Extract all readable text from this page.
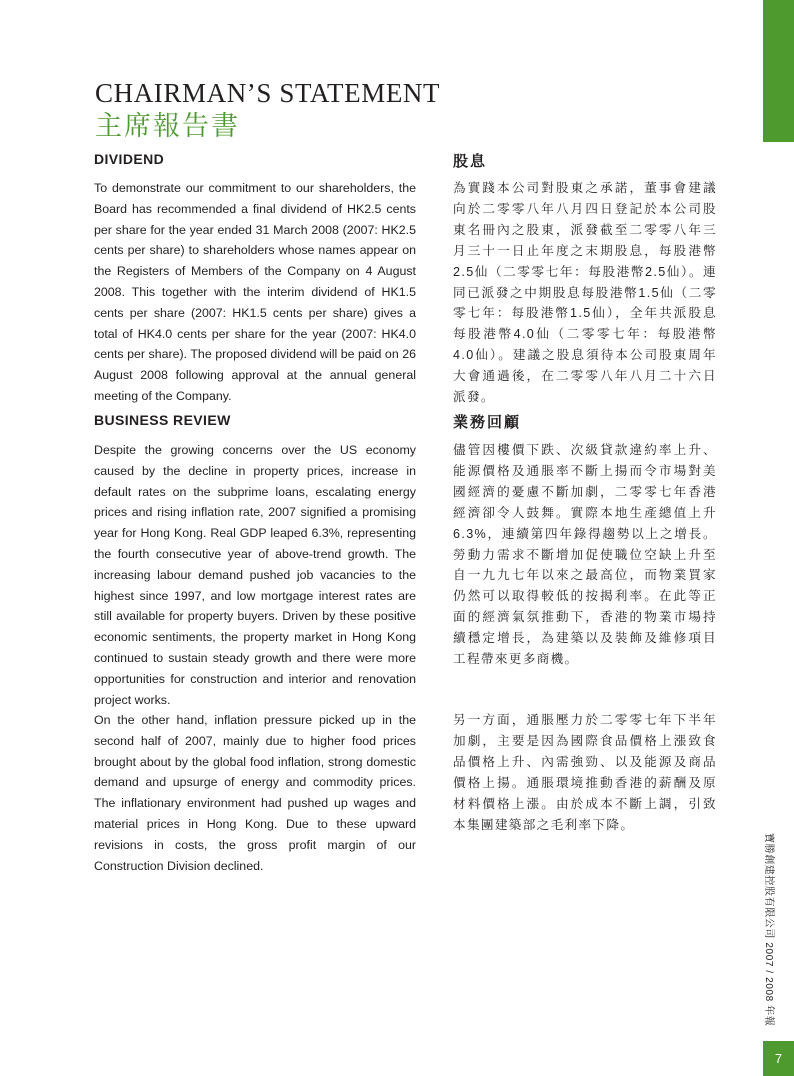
CHAIRMAN’S STATEMENT
主席報告書
DIVIDEND	股息

To demonstrate our commitment to our shareholders, the Board has recommended a final dividend of HK2.5 cents per share for the year ended 31 March 2008 (2007: HK2.5 cents per share) to shareholders whose names appear on the Registers of Members of the Company on 4 August 2008. This together with the interim dividend of HK1.5 cents per share (2007: HK1.5 cents per share) gives a total of HK4.0 cents per share for the year (2007: HK4.0 cents per share). The proposed dividend will be paid on 26 August 2008 following approval at the annual general meeting of the Company.

為實踐本公司對股東之承諾，董事會建議向於二零零八年八月四日登記於本公司股東名冊內之股東，派發截至二零零八年三月三十一日止年度之末期股息，每股港幣2.5仙（二零零七年：每股港幣2.5仙）。連同已派發之中期股息每股港幣1.5仙（二零零七年：每股港幣1.5仙），全年共派股息每股港幣4.0仙（二零零七年：每股港幣4.0仙）。建議之股息須待本公司股東周年大會通過後，在二零零八年八月二十六日派發。

BUSINESS REVIEW	業務回顧

Despite the growing concerns over the US economy caused by the decline in property prices, increase in default rates on the subprime loans, escalating energy prices and rising inflation rate, 2007 signified a promising year for Hong Kong. Real GDP leaped 6.3%, representing the fourth consecutive year of above-trend growth. The increasing labour demand pushed job vacancies to the highest since 1997, and low mortgage interest rates are still available for property buyers. Driven by these positive economic sentiments, the property market in Hong Kong continued to sustain steady growth and there were more opportunities for construction and interior and renovation project works.

儘管因樓價下跌、次級貸款違約率上升、能源價格及通脹率不斷上揚而令市場對美國經濟的憂慮不斷加劇，二零零七年香港經濟卻令人鼓舞。實際本地生產總值上升6.3%，連續第四年錄得趨勢以上之增長。勞動力需求不斷增加促使職位空缺上升至自一九九七年以來之最高位，而物業買家仍然可以取得較低的按揭利率。在此等正面的經濟氣氛推動下，香港的物業市場持續穩定增長，為建築以及裝飾及維修項目工程帶來更多商機。

On the other hand, inflation pressure picked up in the second half of 2007, mainly due to higher food prices brought about by the global food inflation, strong domestic demand and upsurge of energy and commodity prices. The inflationary environment had pushed up wages and material prices in Hong Kong. Due to these upward revisions in costs, the gross profit margin of our Construction Division declined.

另一方面，通脹壓力於二零零七年下半年加劇，主要是因為國際食品價格上漲致食品價格上升、內需強勁、以及能源及商品價格上揚。通脹環境推動香港的薪酬及原材料價格上漲。由於成本不斷上調，引致本集團建築部之毛利率下降。

寶勝創建控股有限公司 2007 / 2008 年報
7
